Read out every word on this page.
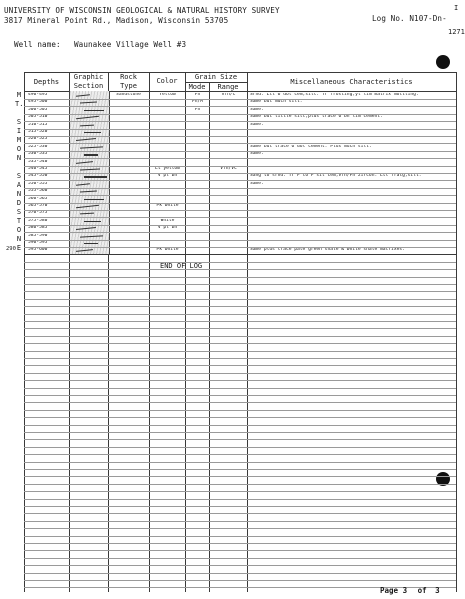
UNIVERSITY OF WISCONSIN GEOLOGICAL & NATURAL HISTORY SURVEY
3817 Mineral Point Rd., Madison, Wisconsin 53705	Log No. N107-Dn-
1271
I
Well name: Waunakee Village Well #3
Depths
Graphic
Section
Rock
Type
Color	Grain Size
Mode	Range
Miscellaneous Characteristics
490-495	Sandstone	Yellow	Fn	Vfn/C	Srnd. Ltl 6 dol cem,silt. Tr frosting,yl lim matrix mottling.
495-500	"	"	Fn/M	"	Same but much silt.
500-505	"	"	Fn	"	Same.
505-510	"	"	"	"	Same but little silt,plus trace 6 bn lim cement.
510-515	"	"	"	"	Same.
515-520	"	"	"	"	"
520-525	"	"	"	"	"
525-530	"	"	"	"	Same but trace 6 dol cement. Plus much silt.
530-535	"	"	"	"	Same.
535-540	"	"	"	"	"
540-545	"	Lt yellow	"	Vfn/VC	"
545-550	"	V pl bn	"	"	Sang to srnd. Tr F to F sil cem,Vfn/Fn zircon. Ltl fratg,silt.
550-555	"	"	"	"	Same.
555-560	"	"	"	"	"
560-565	"	"	"	"	"
565-570	"	Pk white	"	"	"
570-575	"	"	"	"	"
575-580	"	White	"	"	"
580-585	"	V pl bn	"	"	"
585-590	"	"	"	"	"
590-595	"	"	"	"	"
595-600	"	Pk white	"	"	Same plus trace pale green shale & white shale matrixes.
M
T.
S
I
M
O
N
S
A
N
D
S
T
O
N
E
290
END OF LOG
Page 3 of 3
